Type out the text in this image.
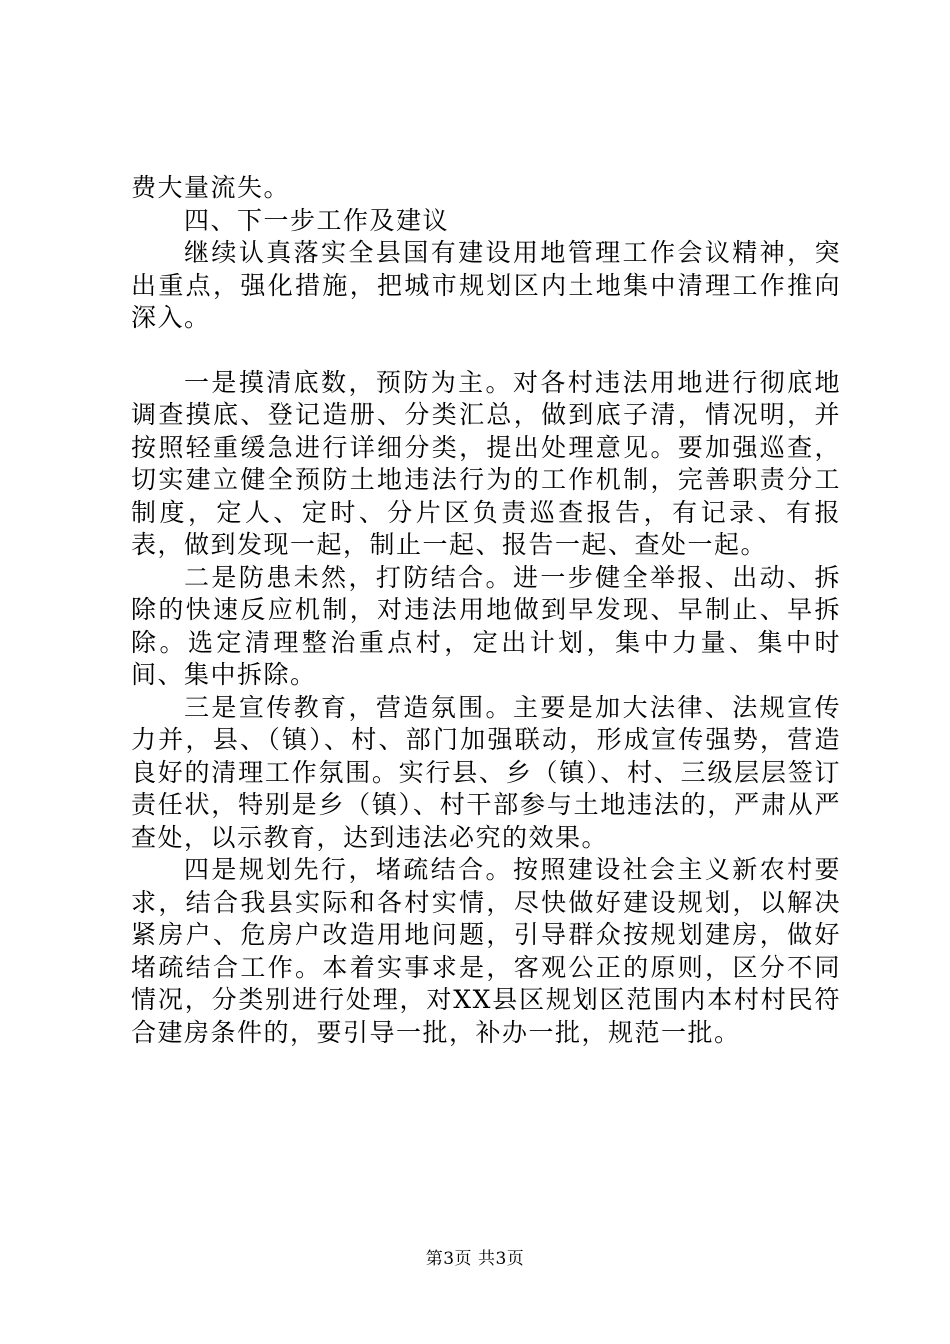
费大量流失。

四、下一步工作及建议

继续认真落实全县国有建设用地管理工作会议精神，突出重点，强化措施，把城市规划区内土地集中清理工作推向深入。

一是摸清底数，预防为主。对各村违法用地进行彻底地调查摸底、登记造册、分类汇总，做到底子清，情况明，并按照轻重缓急进行详细分类，提出处理意见。要加强巡查，切实建立健全预防土地违法行为的工作机制，完善职责分工制度，定人、定时、分片区负责巡查报告，有记录、有报表，做到发现一起，制止一起、报告一起、查处一起。

二是防患未然，打防结合。进一步健全举报、出动、拆除的快速反应机制，对违法用地做到早发现、早制止、早拆除。选定清理整治重点村，定出计划，集中力量、集中时间、集中拆除。

三是宣传教育，营造氛围。主要是加大法律、法规宣传力并，县、（镇）、村、部门加强联动，形成宣传强势，营造良好的清理工作氛围。实行县、乡（镇）、村、三级层层签订责任状，特别是乡（镇）、村干部参与土地违法的，严肃从严查处，以示教育，达到违法必究的效果。

四是规划先行，堵疏结合。按照建设社会主义新农村要求，结合我县实际和各村实情，尽快做好建设规划，以解决紧房户、危房户改造用地问题，引导群众按规划建房，做好堵疏结合工作。本着实事求是，客观公正的原则，区分不同情况，分类别进行处理，对XX县区规划区范围内本村村民符合建房条件的，要引导一批，补办一批，规范一批。

第3页 共3页
